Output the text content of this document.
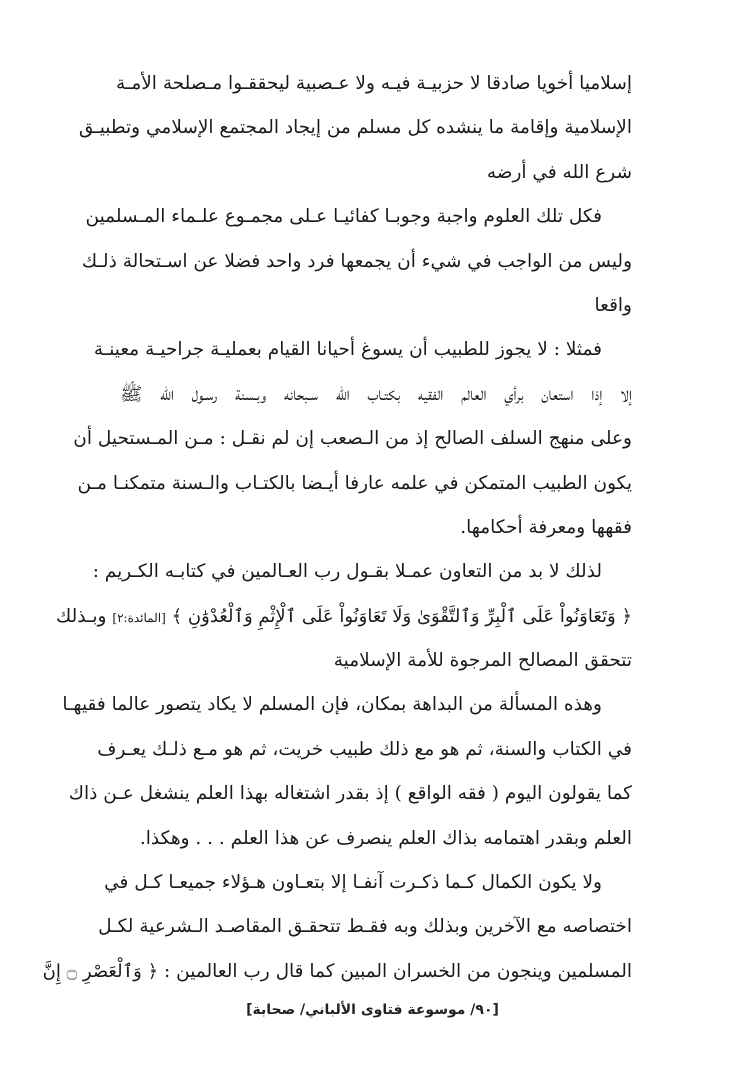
إسلاميا أخويا صادقا لا حزبيـة فيـه ولا عـصبية ليحققـوا مـصلحة الأمـة
الإسلامية وإقامة ما ينشده كل مسلم من إيجاد المجتمع الإسلامي وتطبيـق
شرع الله في أرضه
فكل تلك العلوم واجبة وجوبـا كفائيـا عـلى مجمـوع علـماء المـسلمين
وليس من الواجب في شيء أن يجمعها فرد واحد فضلا عن اسـتحالة ذلـك
واقعا
فمثلا : لا يجوز للطبيب أن يسوغ أحيانا القيام بعمليـة جراحيـة معينـة
إلا إذا استعان برأي العالم الفقيه بكتـاب الله سـبحانه وبـسنة رسـول الله ﷺ
وعلى منهج السلف الصالح إذ من الـصعب إن لم نقـل : مـن المـستحيل أن
يكون الطبيب المتمكن في علمه عارفا أيـضا بالكتـاب والـسنة متمكنـا مـن
فقهها ومعرفة أحكامها.
لذلك لا بد من التعاون عمـلا بقـول رب العـالمين في كتابـه الكـريم :
﴿ وَتَعَاوَنُواْ عَلَى ٱلْبِرِّ وَٱلتَّقْوَىٰ وَلَا تَعَاوَنُواْ عَلَى ٱلْإِثْمِ وَٱلْعُدْوَٰنِ ﴾ [المائدة:٢] وبـذلك
تتحقق المصالح المرجوة للأمة الإسلامية
وهذه المسألة من البداهة بمكان، فإن المسلم لا يكاد يتصور عالما فقيهـا
في الكتاب والسنة، ثم هو مع ذلك طبيب خريت، ثم هو مـع ذلـك يعـرف
كما يقولون اليوم ( فقه الواقع ) إذ بقدر اشتغاله بهذا العلم ينشغل عـن ذاك
العلم وبقدر اهتمامه بذاك العلم ينصرف عن هذا العلم . . . وهكذا.
ولا يكون الكمال كـما ذكـرت آنفـا إلا بتعـاون هـؤلاء جميعـا كـل في
اختصاصه مع الآخرين وبذلك وبه فقـط تتحقـق المقاصـد الـشرعية لكـل
المسلمين وينجون من الخسران المبين كما قال رب العالمين : ﴿ وَٱلْعَصْرِ ۝ إِنَّ
[٩٠/ موسوعة فتاوى الألباني/ صحابة]
